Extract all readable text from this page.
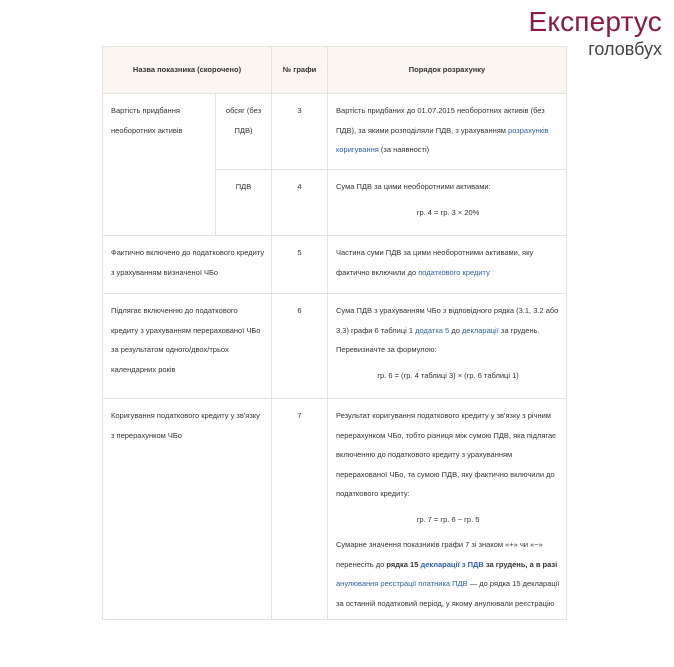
Експертус
головбух
Назва показника (скорочено)		№ графи	Порядок розрахунку
Вартість придбання необоротних активів	обсяг (без ПДВ)	3	Вартість придбаних до 01.07.2015 необоротних активів (без ПДВ), за якими розподіляли ПДВ, з урахуванням розрахунків коригування (за наявності)
	ПДВ	4	Сума ПДВ за цими необоротними активами:

гр. 4 = гр. 3 × 20%

Фактично включено до податкового кредиту з урахуванням визначеної ЧБо		5	Частина суми ПДВ за цими необоротними активами, яку фактично включили до податкового кредиту
Підлягає включенню до податкового кредиту з урахуванням перерахованої ЧБо за результатом одного/двох/трьох календарних років		6	Сума ПДВ з урахуванням ЧБо з відповідного рядка (3.1, 3.2 або 3.3) графи 6 таблиці 1 додатка 5 до декларації за грудень. Перевизначте за формулою:

гр. 6 = (гр. 4 таблиці 3) × (гр. 6 таблиці 1)

Коригування податкового кредиту у зв'язку з перерахунком ЧБо		7	Результат коригування податкового кредиту у зв'язку з річним перерахунком ЧБо, тобто різниця між сумою ПДВ, яка підлягає включенню до податкового кредиту з урахуванням перерахованої ЧБо, та сумою ПДВ, яку фактично включили до податкового кредиту:

гр. 7 = гр. 6 − гр. 5

Сумарне значення показників графи 7 зі знаком «+» чи «−» перенесіть до рядка 15 декларації з ПДВ за грудень, а в разі анулювання реєстрації платника ПДВ — до рядка 15 декларації за останній податковий період, у якому анулювали реєстрацію
